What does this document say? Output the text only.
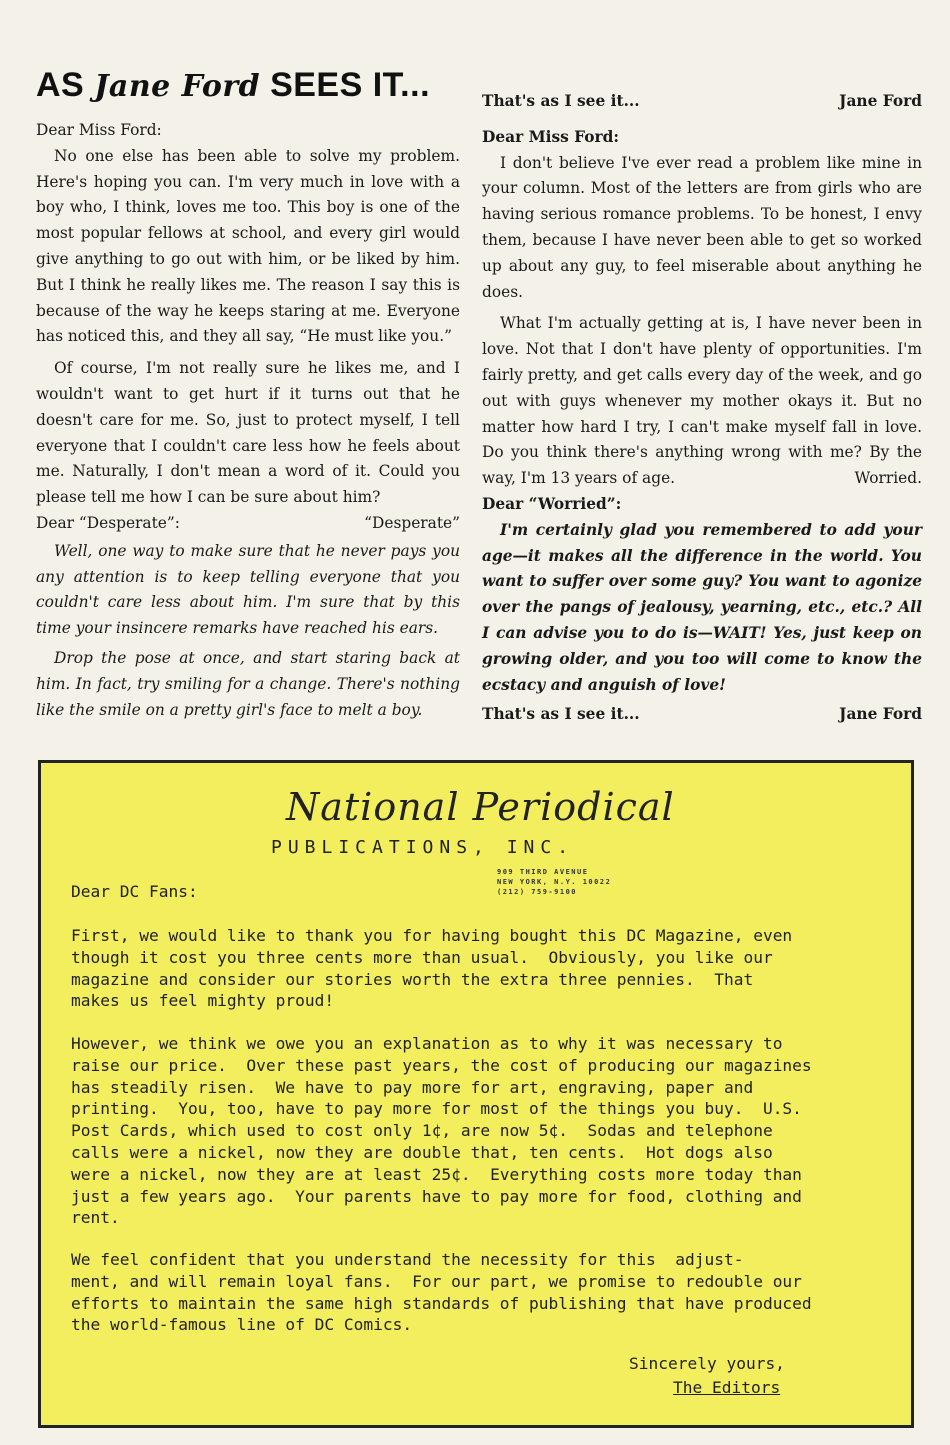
AS Jane Ford SEES IT...

Dear Miss Ford:

No one else has been able to solve my problem. Here's hoping you can. I'm very much in love with a boy who, I think, loves me too. This boy is one of the most popular fellows at school, and every girl would give anything to go out with him, or be liked by him. But I think he really likes me. The reason I say this is because of the way he keeps staring at me. Everyone has noticed this, and they all say, “He must like you.”

Of course, I'm not really sure he likes me, and I wouldn't want to get hurt if it turns out that he doesn't care for me. So, just to protect myself, I tell everyone that I couldn't care less how he feels about me. Naturally, I don't mean a word of it. Could you please tell me how I can be sure about him?
“Desperate”

Dear “Desperate”:

Well, one way to make sure that he never pays you any attention is to keep telling everyone that you couldn't care less about him. I'm sure that by this time your insincere remarks have reached his ears.

Drop the pose at once, and start staring back at him. In fact, try smiling for a change. There's nothing like the smile on a pretty girl's face to melt a boy.

That's as I see it...	Jane Ford

Dear Miss Ford:

I don't believe I've ever read a problem like mine in your column. Most of the letters are from girls who are having serious romance problems. To be honest, I envy them, because I have never been able to get so worked up about any guy, to feel miserable about anything he does.

What I'm actually getting at is, I have never been in love. Not that I don't have plenty of opportunities. I'm fairly pretty, and get calls every day of the week, and go out with guys whenever my mother okays it. But no matter how hard I try, I can't make myself fall in love. Do you think there's anything wrong with me? By the way, I'm 13 years of age.	Worried.

Dear “Worried”:

I'm certainly glad you remembered to add your age—it makes all the difference in the world. You want to suffer over some guy? You want to agonize over the pangs of jealousy, yearning, etc., etc.? All I can advise you to do is—WAIT! Yes, just keep on growing older, and you too will come to know the ecstacy and anguish of love!

That's as I see it...	Jane Ford
National Periodical
PUBLICATIONS, INC.
909 THIRD AVENUE
NEW YORK, N.Y. 10022
(212) 759-9100

Dear DC Fans:

First, we would like to thank you for having bought this DC Magazine, even
though it cost you three cents more than usual.  Obviously, you like our
magazine and consider our stories worth the extra three pennies.  That
makes us feel mighty proud!

However, we think we owe you an explanation as to why it was necessary to
raise our price.  Over these past years, the cost of producing our magazines
has steadily risen.  We have to pay more for art, engraving, paper and
printing.  You, too, have to pay more for most of the things you buy.  U.S.
Post Cards, which used to cost only 1¢, are now 5¢.  Sodas and telephone
calls were a nickel, now they are double that, ten cents.  Hot dogs also
were a nickel, now they are at least 25¢.  Everything costs more today than
just a few years ago.  Your parents have to pay more for food, clothing and
rent.

We feel confident that you understand the necessity for this  adjust-
ment, and will remain loyal fans.  For our part, we promise to redouble our
efforts to maintain the same high standards of publishing that have produced
the world-famous line of DC Comics.

Sincerely yours,

The Editors
